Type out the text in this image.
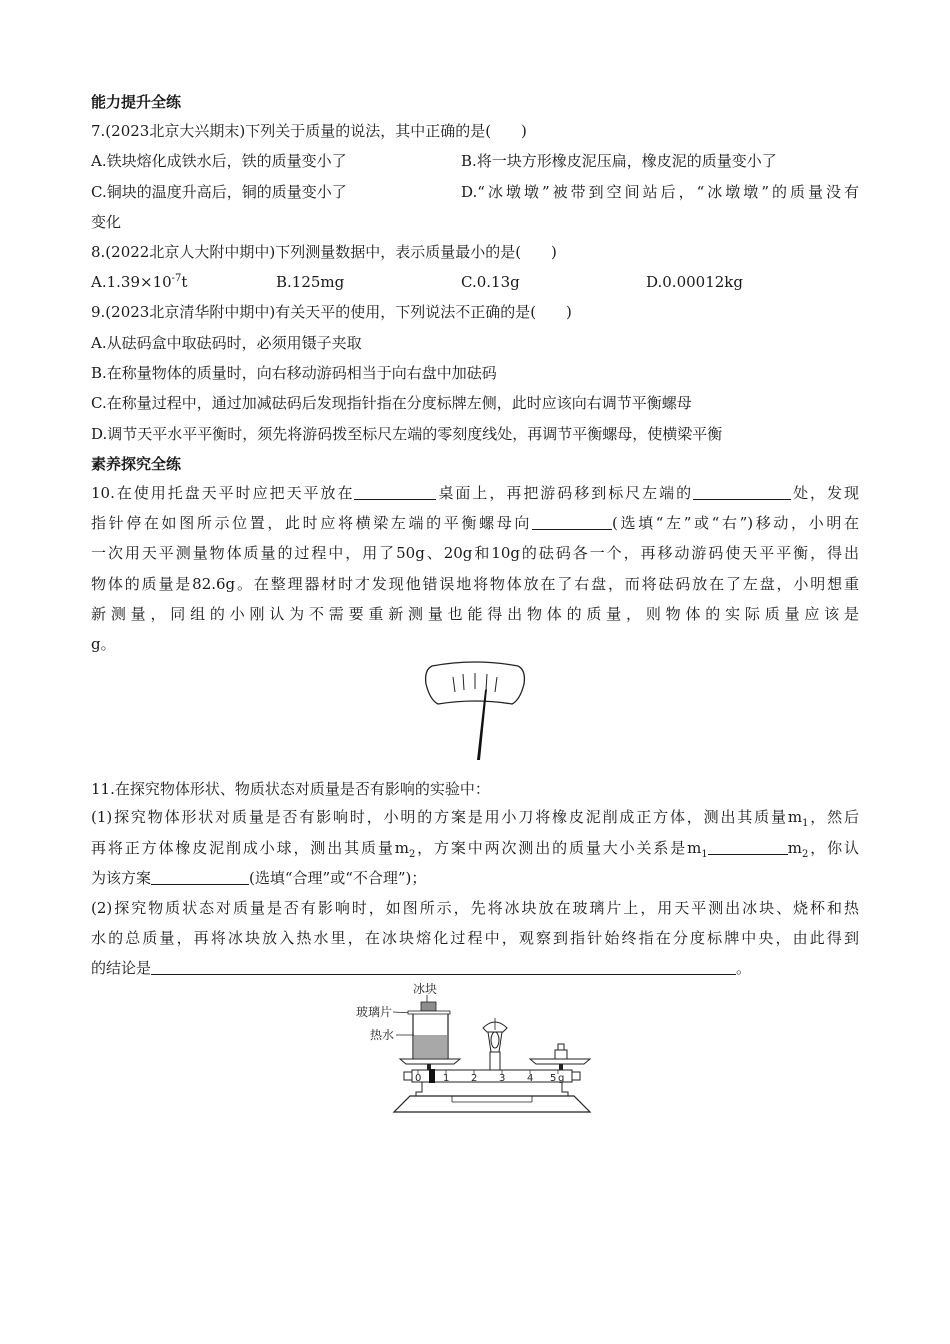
能力提升全练
7.(2023北京大兴期末)下列关于质量的说法，其中正确的是(　　)
A.铁块熔化成铁水后，铁的质量变小了	B.将一块方形橡皮泥压扁，橡皮泥的质量变小了
C.铜块的温度升高后，铜的质量变小了	D.“冰墩墩”被带到空间站后，“冰墩墩”的质量没有
变化
8.(2022北京人大附中期中)下列测量数据中，表示质量最小的是(　　)
$A.1.39\times 10^{-7}t$	B.125mg	C.0.13g	D.0.00012kg
9.(2023北京清华附中期中)有关天平的使用，下列说法不正确的是(　　)
A.从砝码盒中取砝码时，必须用镊子夹取
B.在称量物体的质量时，向右移动游码相当于向右盘中加砝码
C.在称量过程中，通过加减砝码后发现指针指在分度标牌左侧，此时应该向右调节平衡螺母
D.调节天平水平平衡时，须先将游码拨至标尺左端的零刻度线处，再调节平衡螺母，使横梁平衡
素养探究全练
10.在使用托盘天平时应把天平放在	桌面上，再把游码移到标尺左端的	处，发现
指针停在如图所示位置，此时应将横梁左端的平衡螺母向	(选填“左”或“右”)移动，小明在
一次用天平测量物体质量的过程中，用了50g、20g和10g的砝码各一个，再移动游码使天平平衡，得出
物体的质量是82.6g。在整理器材时才发现他错误地将物体放在了右盘，而将砝码放在了左盘，小明想重
新测量，同组的小刚认为不需要重新测量也能得出物体的质量，则物体的实际质量应该是
g。
11.在探究物体形状、物质状态对质量是否有影响的实验中：
(1)探究物体形状对质量是否有影响时，小明的方案是用小刀将橡皮泥削成正方体，测出其质量$m_1$，然后
再将正方体橡皮泥削成小球，测出其质量$m_2$，方案中两次测出的质量大小关系是$m_1$	$m_2$，你认
为该方案	(选填“合理”或“不合理”)；
(2)探究物质状态对质量是否有影响时，如图所示，先将冰块放在玻璃片上，用天平测出冰块、烧杯和热
水的总质量，再将冰块放入热水里，在冰块熔化过程中，观察到指针始终指在分度标牌中央，由此得到
的结论是	。
冰块
玻璃片
热水
0 1 2 3 4 5 g
